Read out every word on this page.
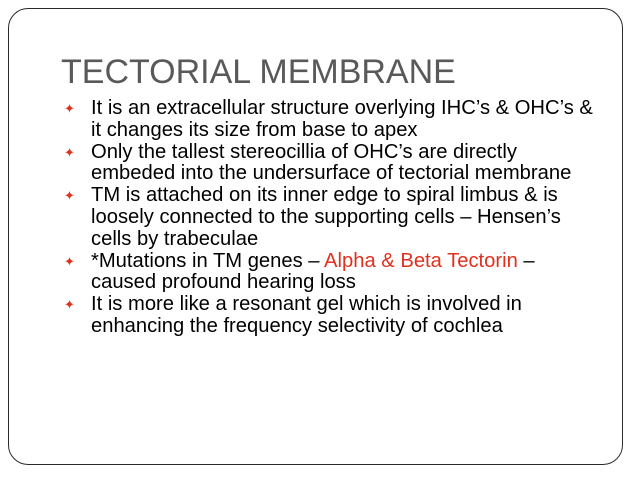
TECTORIAL MEMBRANE
✦ It is an extracellular structure overlying IHC’s & OHC’s & it changes its size from base to apex
✦ Only the tallest stereocillia of OHC’s are directly embeded into the undersurface of tectorial membrane
✦ TM is attached on its inner edge to spiral limbus & is loosely connected to the supporting cells – Hensen’s cells by trabeculae
✦ *Mutations in TM genes – Alpha & Beta Tectorin – caused profound hearing loss
✦ It is more like a resonant gel which is involved in enhancing the frequency selectivity of cochlea
